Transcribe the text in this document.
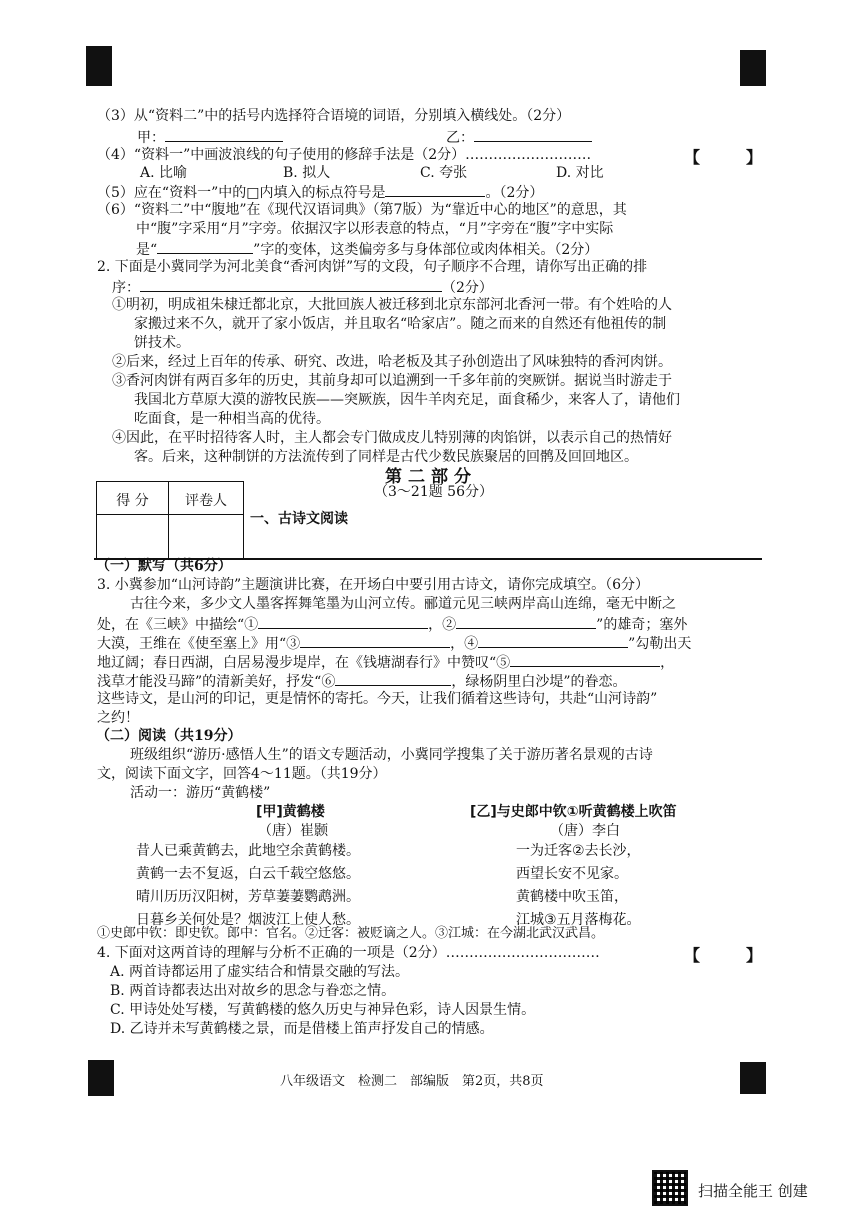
（3）从“资料二”中的括号内选择符合语境的词语，分别填入横线处。（2分）
甲：	乙：
（4）“资料一”中画波浪线的句子使用的修辞手法是（2分）………………………	【	】
A. 比喻	B. 拟人	C. 夸张	D. 对比
（5）应在“资料一”中的□内填入的标点符号是	。（2分）
（6）“资料二”中“腹地”在《现代汉语词典》（第7版）为“靠近中心的地区”的意思，其
中“腹”字采用“月”字旁。依据汉字以形表意的特点，“月”字旁在“腹”字中实际
是“	”字的变体，这类偏旁多与身体部位或肉体相关。（2分）
2. 下面是小冀同学为河北美食“香河肉饼”写的文段，句子顺序不合理，请你写出正确的排
序：	（2分）
①明初，明成祖朱棣迁都北京，大批回族人被迁移到北京东部河北香河一带。有个姓哈的人
家搬过来不久，就开了家小饭店，并且取名“哈家店”。随之而来的自然还有他祖传的制
饼技术。
②后来，经过上百年的传承、研究、改进，哈老板及其子孙创造出了风味独特的香河肉饼。
③香河肉饼有两百多年的历史，其前身却可以追溯到一千多年前的突厥饼。据说当时游走于
我国北方草原大漠的游牧民族——突厥族，因牛羊肉充足，面食稀少，来客人了，请他们
吃面食，是一种相当高的优待。
④因此，在平时招待客人时，主人都会专门做成皮儿特别薄的肉馅饼，以表示自己的热情好
客。后来，这种制饼的方法流传到了同样是古代少数民族聚居的回鹘及回回地区。
第二部分
（3～21题 56分）
得 分	评卷人
一、古诗文阅读
（一）默写（共6分）
3. 小冀参加“山河诗韵”主题演讲比赛，在开场白中要引用古诗文，请你完成填空。（6分）
古往今来，多少文人墨客挥舞笔墨为山河立传。郦道元见三峡两岸高山连绵，毫无中断之
处，在《三峡》中描绘“①	，②	”的雄奇；塞外
大漠，王维在《使至塞上》用“③	，④	”勾勒出天
地辽阔；春日西湖，白居易漫步堤岸，在《钱塘湖春行》中赞叹“⑤	，
浅草才能没马蹄”的清新美好，抒发“⑥	，绿杨阴里白沙堤”的眷恋。
这些诗文，是山河的印记，更是情怀的寄托。今天，让我们循着这些诗句，共赴“山河诗韵”
之约！
（二）阅读（共19分）
班级组织“游历·感悟人生”的语文专题活动，小冀同学搜集了关于游历著名景观的古诗
文，阅读下面文字，回答4～11题。（共19分）
活动一：游历“黄鹤楼”
[甲]黄鹤楼
（唐）崔颢
昔人已乘黄鹤去，此地空余黄鹤楼。
黄鹤一去不复返，白云千载空悠悠。
晴川历历汉阳树，芳草萋萋鹦鹉洲。
日暮乡关何处是？烟波江上使人愁。
[乙]与史郎中钦①听黄鹤楼上吹笛
（唐）李白
一为迁客②去长沙，
西望长安不见家。
黄鹤楼中吹玉笛，
江城③五月落梅花。
①史郎中钦：即史钦。郎中：官名。②迁客：被贬谪之人。③江城：在今湖北武汉武昌。
4. 下面对这两首诗的理解与分析不正确的一项是（2分）……………………………	【	】
A. 两首诗都运用了虚实结合和情景交融的写法。
B. 两首诗都表达出对故乡的思念与眷恋之情。
C. 甲诗处处写楼，写黄鹤楼的悠久历史与神异色彩，诗人因景生情。
D. 乙诗并未写黄鹤楼之景，而是借楼上笛声抒发自己的情感。
八年级语文　检测二　部编版　第2页，共8页
扫描全能王 创建
